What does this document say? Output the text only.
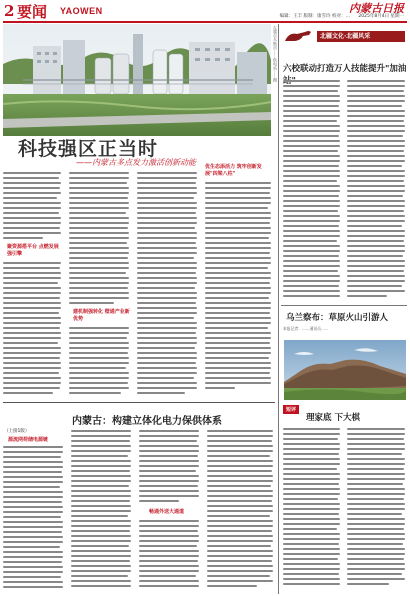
2 要闻 YAOWEN	内蒙古日报
2025年8月4日 星期一
编辑：王丰 版制：康雪玲 校对：…
在鄂尔多斯市……供电站……摄
科技强区正当时
——内蒙古多点发力激活创新动能
聚资源搭平台 点燃发展强引擎
建机制强转化 壁通产业新优势
优生态添活力 筑牢创新发展"四梁八柱"
内蒙古：构建立体化电力保供体系
（上接1版）
源流网荷储电源链
畅通外送大通道
北疆文化·北疆风采
六校联动打造万人技能提升"加油
乌兰察布：草原火山引游人
本报记者：……通讯员……
短评
理家底 下大棋
